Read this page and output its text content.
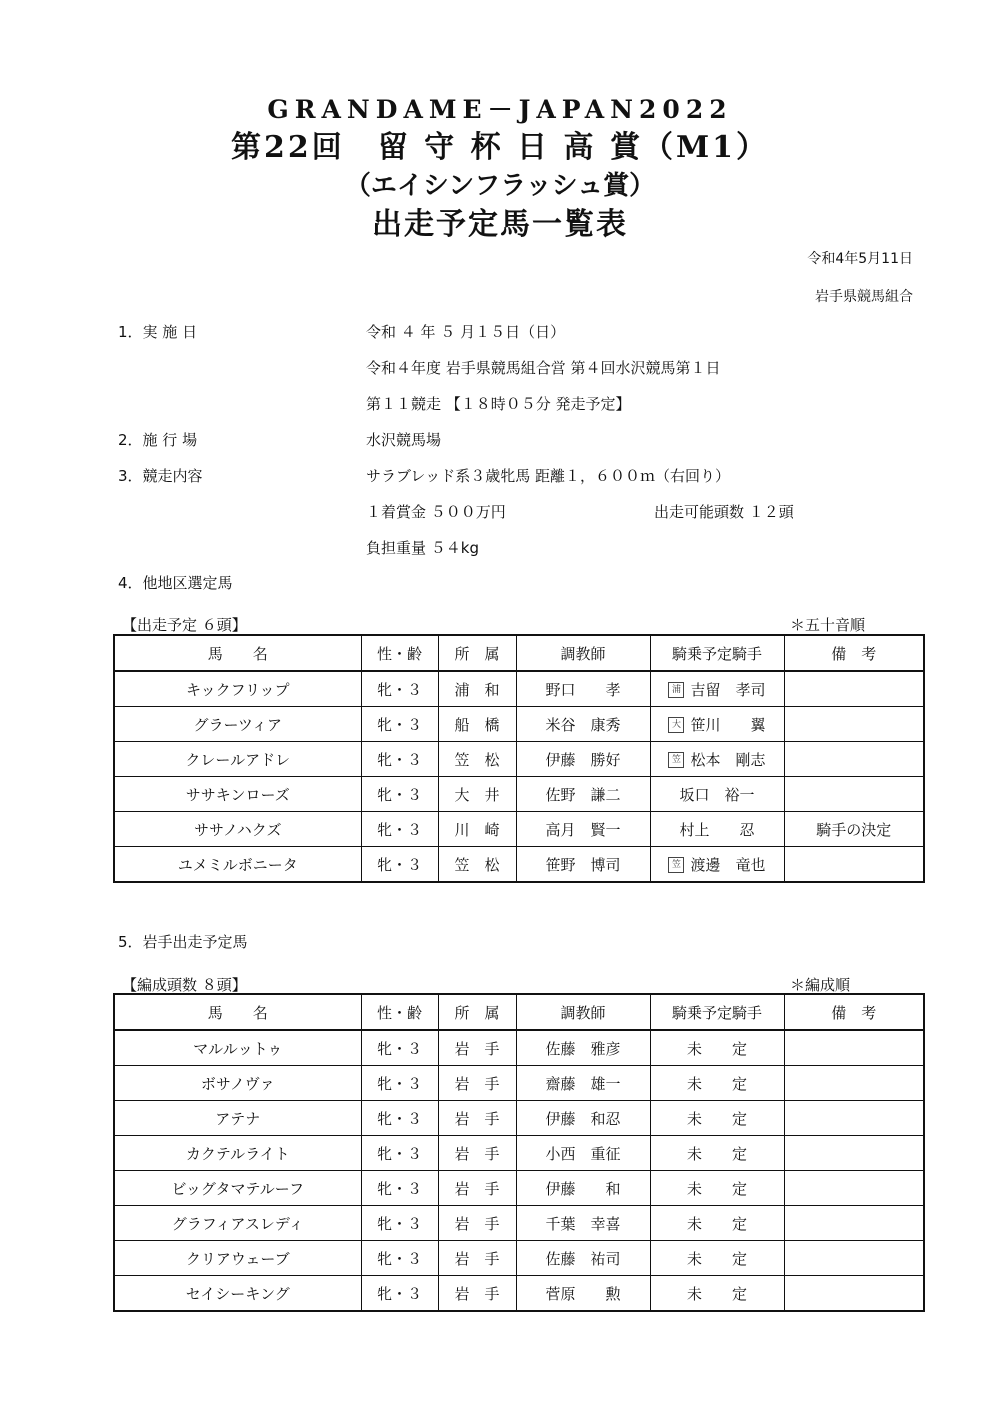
GRANDAME－JAPAN2022
第22回　留 守 杯 日 高 賞（M1）
（エイシンフラッシュ賞）
出走予定馬一覧表
令和4年5月11日
岩手県競馬組合
1．実 施 日	令和 ４ 年 ５ 月１５日（日）
令和４年度 岩手県競馬組合営 第４回水沢競馬第１日
第１１競走 【１８時０５分 発走予定】
2．施 行 場	水沢競馬場
3．競走内容	サラブレッド系３歳牝馬 距離１，６００ｍ（右回り）
１着賞金 ５００万円	出走可能頭数 １２頭
負担重量 ５４kg
4．他地区選定馬
【出走予定 ６頭】	＊五十音順
馬　　名	性・齢	所　属	調教師	騎乗予定騎手	備　考
キックフリップ	牝・３	浦　和	野口　　孝	浦 吉留　孝司	
グラーツィア	牝・３	船　橋	米谷　康秀	大 笹川　　翼	
クレールアドレ	牝・３	笠　松	伊藤　勝好	笠 松本　剛志	
ササキンローズ	牝・３	大　井	佐野　謙二	坂口　裕一	
ササノハクズ	牝・３	川　崎	高月　賢一	村上　　忍	騎手の決定
ユメミルボニータ	牝・３	笠　松	笹野　博司	笠 渡邊　竜也	
5．岩手出走予定馬
【編成頭数 ８頭】	＊編成順
馬　　名	性・齢	所　属	調教師	騎乗予定騎手	備　考
マルルットゥ	牝・３	岩　手	佐藤　雅彦	未　　定	
ボサノヴァ	牝・３	岩　手	齋藤　雄一	未　　定	
アテナ	牝・３	岩　手	伊藤　和忍	未　　定	
カクテルライト	牝・３	岩　手	小西　重征	未　　定	
ビッグタマテルーフ	牝・３	岩　手	伊藤　　和	未　　定	
グラフィアスレディ	牝・３	岩　手	千葉　幸喜	未　　定	
クリアウェーブ	牝・３	岩　手	佐藤　祐司	未　　定	
セイシーキング	牝・３	岩　手	菅原　　勲	未　　定	
